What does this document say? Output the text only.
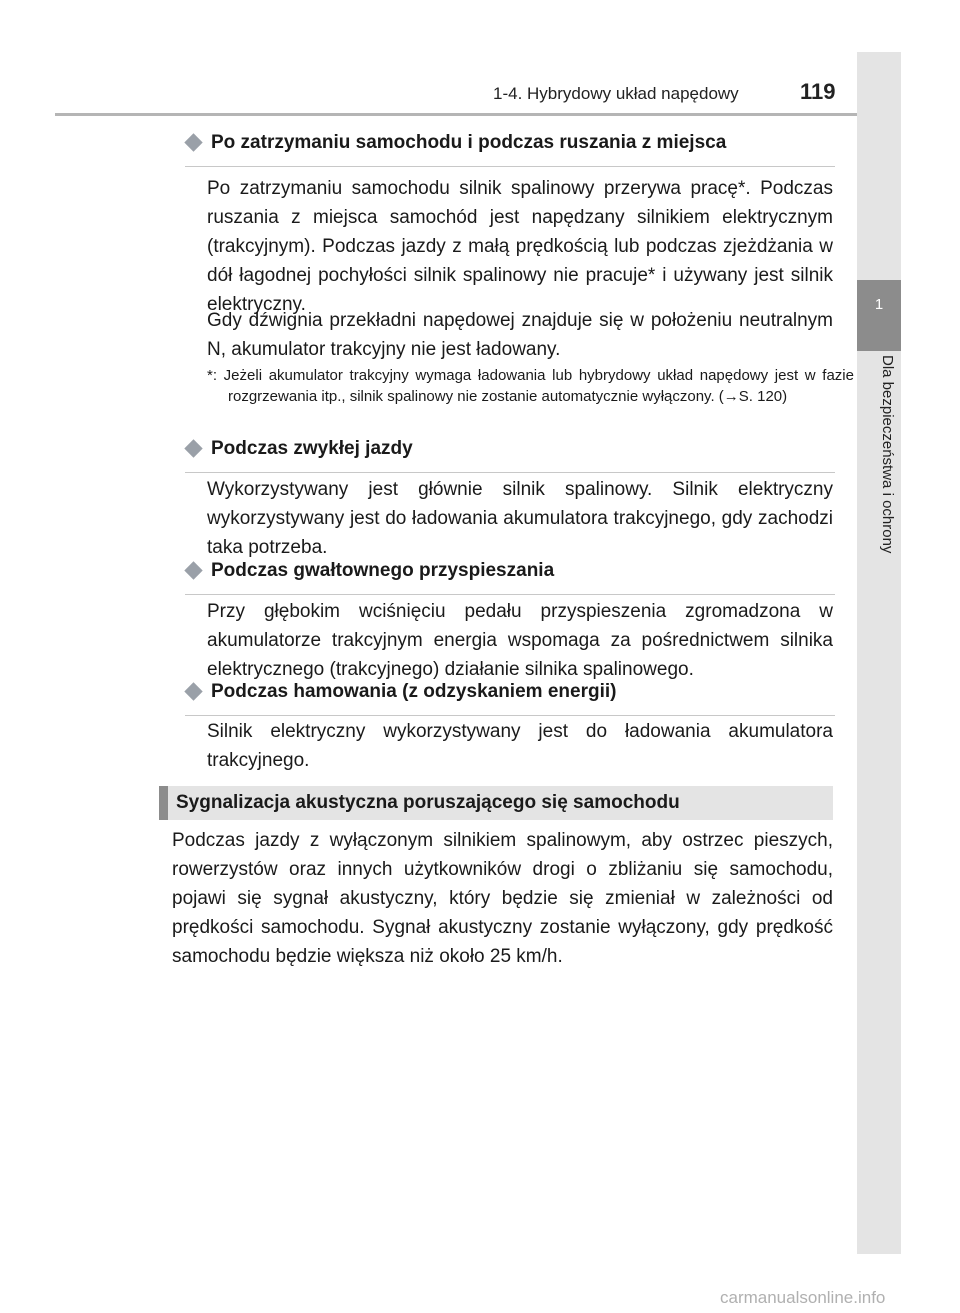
1-4. Hybrydowy układ napędowy	119
1
Dla bezpieczeństwa i ochrony
Po zatrzymaniu samochodu i podczas ruszania z miejsca

Po zatrzymaniu samochodu silnik spalinowy przerywa pracę*. Podczas ruszania z miejsca samochód jest napędzany silnikiem elektrycznym (trakcyjnym). Podczas jazdy z małą prędkością lub podczas zjeżdżania w dół łagodnej pochyłości silnik spalinowy nie pracuje* i używany jest silnik elektryczny.

Gdy dźwignia przekładni napędowej znajduje się w położeniu neutralnym N, akumulator trakcyjny nie jest ładowany.

*: Jeżeli akumulator trakcyjny wymaga ładowania lub hybrydowy układ napędowy jest w fazie rozgrzewania itp., silnik spalinowy nie zostanie automatycznie wyłączony. (→S. 120)

Podczas zwykłej jazdy

Wykorzystywany jest głównie silnik spalinowy. Silnik elektryczny wykorzystywany jest do ładowania akumulatora trakcyjnego, gdy zachodzi taka potrzeba.

Podczas gwałtownego przyspieszania

Przy głębokim wciśnięciu pedału przyspieszenia zgromadzona w akumulatorze trakcyjnym energia wspomaga za pośrednictwem silnika elektrycznego (trakcyjnego) działanie silnika spalinowego.

Podczas hamowania (z odzyskaniem energii)

Silnik elektryczny wykorzystywany jest do ładowania akumulatora trakcyjnego.

Sygnalizacja akustyczna poruszającego się samochodu

Podczas jazdy z wyłączonym silnikiem spalinowym, aby ostrzec pieszych, rowerzystów oraz innych użytkowników drogi o zbliżaniu się samochodu, pojawi się sygnał akustyczny, który będzie się zmieniał w zależności od prędkości samochodu. Sygnał akustyczny zostanie wyłączony, gdy prędkość samochodu będzie większa niż około 25 km/h.

carmanualsonline.info
